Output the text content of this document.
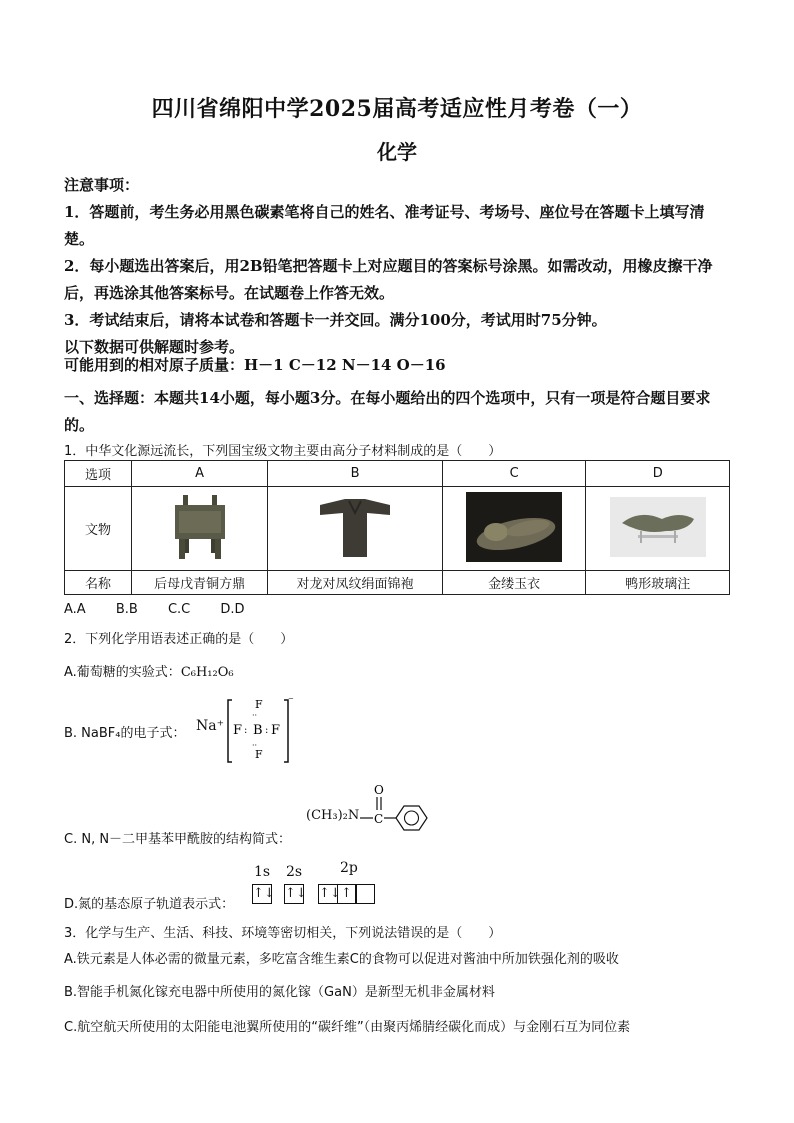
四川省绵阳中学2025届高考适应性月考卷（一）
化学
注意事项：
1．答题前，考生务必用黑色碳素笔将自己的姓名、准考证号、考场号、座位号在答题卡上填写清楚。
2．每小题选出答案后，用2B铅笔把答题卡上对应题目的答案标号涂黑。如需改动，用橡皮擦干净后，再选涂其他答案标号。在试题卷上作答无效。
3．考试结束后，请将本试卷和答题卡一并交回。满分100分，考试用时75分钟。
以下数据可供解题时参考。
可能用到的相对原子质量：H－1 C－12 N－14 O－16
一、选择题：本题共14小题，每小题3分。在每小题给出的四个选项中，只有一项是符合题目要求的。
1．中华文化源远流长，下列国宝级文物主要由高分子材料制成的是（　　）
选项	A	B	C	D
文物				
名称	后母戊青铜方鼎	对龙对凤纹绢面锦袍	金缕玉衣	鸭形玻璃注
A.A B.B C.C D.D
2．下列化学用语表述正确的是（　　）
A.葡萄糖的实验式：C₆H₁₂O₆
B. NaBF₄的电子式： Na⁺
F
··
F : B : F
··
F
⁻
C. N, N－二甲基苯甲酰胺的结构简式：
(CH₃)₂N
O
C
D.氮的基态原子轨道表示式：
1s 2s	2p
↑↓ ↑↓ ↑↓↑
3．化学与生产、生活、科技、环境等密切相关，下列说法错误的是（　　）
A.铁元素是人体必需的微量元素，多吃富含维生素C的食物可以促进对酱油中所加铁强化剂的吸收
B.智能手机氮化镓充电器中所使用的氮化镓（GaN）是新型无机非金属材料
C.航空航天所使用的太阳能电池翼所使用的“碳纤维”（由聚丙烯腈经碳化而成）与金刚石互为同位素
